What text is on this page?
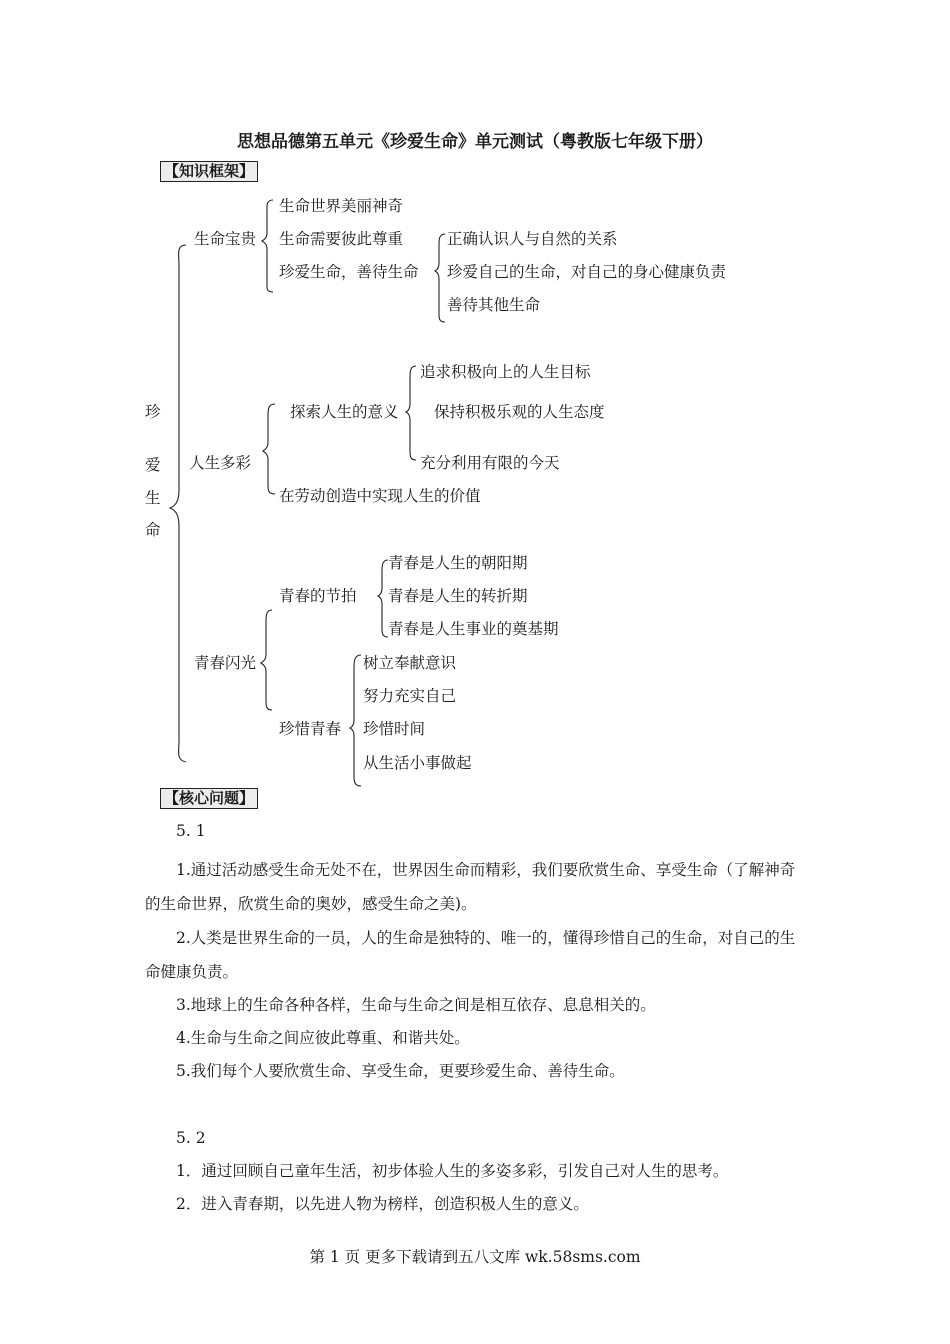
思想品德第五单元《珍爱生命》单元测试（粤教版七年级下册）
【知识框架】
珍
爱
生
命
生命宝贵
生命世界美丽神奇
生命需要彼此尊重
珍爱生命，善待生命
正确认识人与自然的关系
珍爱自己的生命，对自己的身心健康负责
善待其他生命
人生多彩
探索人生的意义
追求积极向上的人生目标
保持积极乐观的人生态度
充分利用有限的今天
在劳动创造中实现人生的价值
青春闪光
青春的节拍
青春是人生的朝阳期
青春是人生的转折期
青春是人生事业的奠基期
珍惜青春
树立奉献意识
努力充实自己
珍惜时间
从生活小事做起
【核心问题】
5. 1
1.通过活动感受生命无处不在，世界因生命而精彩，我们要欣赏生命、享受生命（了解神奇的生命世界，欣赏生命的奥妙，感受生命之美)。
2.人类是世界生命的一员，人的生命是独特的、唯一的，懂得珍惜自己的生命，对自己的生命健康负责。
3.地球上的生命各种各样，生命与生命之间是相互依存、息息相关的。
4.生命与生命之间应彼此尊重、和谐共处。
5.我们每个人要欣赏生命、享受生命，更要珍爱生命、善待生命。
5. 2
1．通过回顾自己童年生活，初步体验人生的多姿多彩，引发自己对人生的思考。
2．进入青春期，以先进人物为榜样，创造积极人生的意义。
第 1 页 更多下载请到五八文库 wk.58sms.com
